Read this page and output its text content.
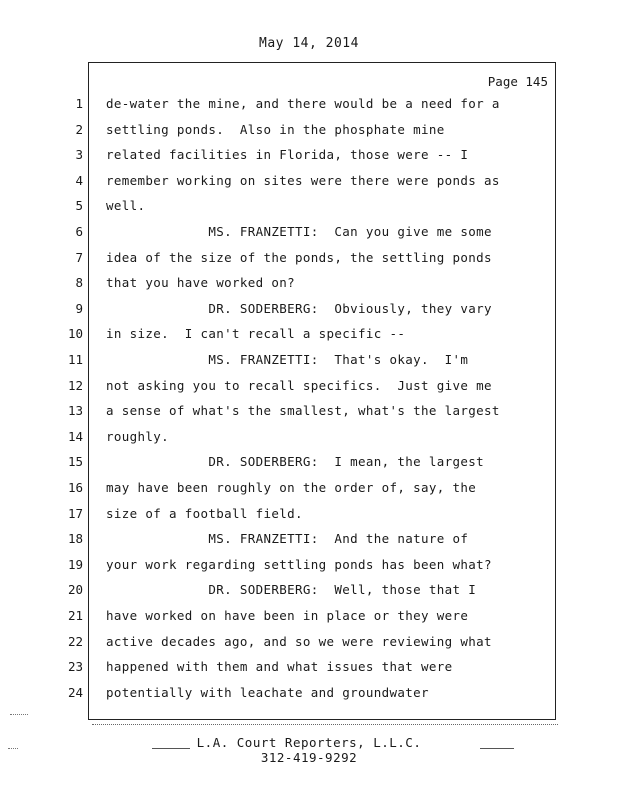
May 14, 2014
Page 145
1 de-water the mine, and there would be a need for a
2 settling ponds.  Also in the phosphate mine
3 related facilities in Florida, those were -- I
4 remember working on sites were there were ponds as
5 well.
6 MS. FRANZETTI:  Can you give me some
7 idea of the size of the ponds, the settling ponds
8 that you have worked on?
9 DR. SODERBERG:  Obviously, they vary
10 in size.  I can't recall a specific --
11 MS. FRANZETTI:  That's okay.  I'm
12 not asking you to recall specifics.  Just give me
13 a sense of what's the smallest, what's the largest
14 roughly.
15 DR. SODERBERG:  I mean, the largest
16 may have been roughly on the order of, say, the
17 size of a football field.
18 MS. FRANZETTI:  And the nature of
19 your work regarding settling ponds has been what?
20 DR. SODERBERG:  Well, those that I
21 have worked on have been in place or they were
22 active decades ago, and so we were reviewing what
23 happened with them and what issues that were
24 potentially with leachate and groundwater
L.A. Court Reporters, L.L.C.
312-419-9292
